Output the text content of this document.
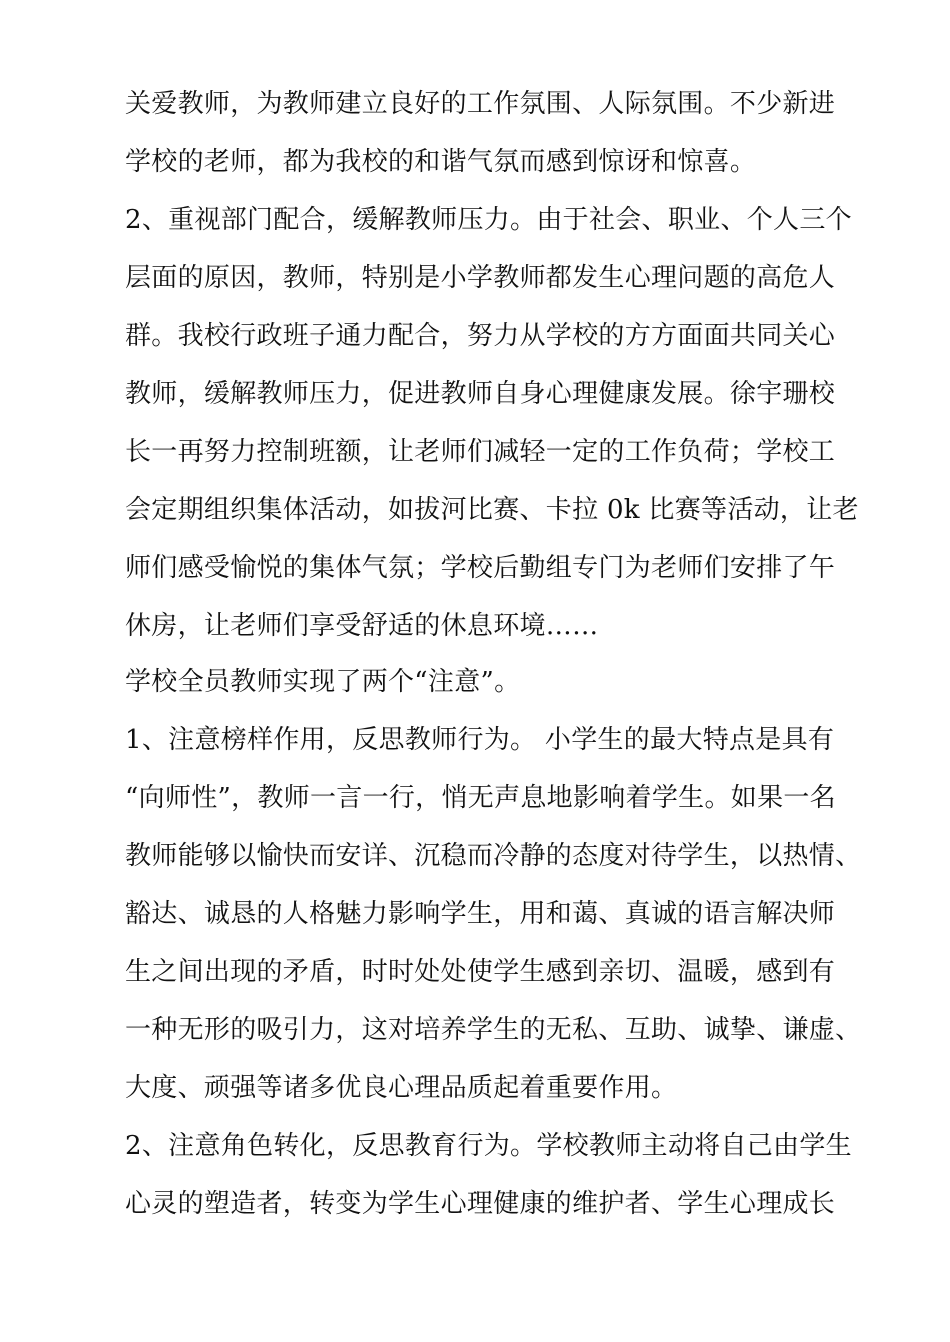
关爱教师，为教师建立良好的工作氛围、人际氛围。不少新进
学校的老师，都为我校的和谐气氛而感到惊讶和惊喜。
2、重视部门配合，缓解教师压力。由于社会、职业、个人三个
层面的原因，教师，特别是小学教师都发生心理问题的高危人
群。我校行政班子通力配合，努力从学校的方方面面共同关心
教师，缓解教师压力，促进教师自身心理健康发展。徐宇珊校
长一再努力控制班额，让老师们减轻一定的工作负荷；学校工
会定期组织集体活动，如拔河比赛、卡拉 0k 比赛等活动，让老
师们感受愉悦的集体气氛；学校后勤组专门为老师们安排了午
休房，让老师们享受舒适的休息环境……
学校全员教师实现了两个“注意”。
1、注意榜样作用，反思教师行为。 小学生的最大特点是具有
“向师性”，教师一言一行，悄无声息地影响着学生。如果一名
教师能够以愉快而安详、沉稳而冷静的态度对待学生，以热情、
豁达、诚恳的人格魅力影响学生，用和蔼、真诚的语言解决师
生之间出现的矛盾，时时处处使学生感到亲切、温暖，感到有
一种无形的吸引力，这对培养学生的无私、互助、诚挚、谦虚、
大度、顽强等诸多优良心理品质起着重要作用。
2、注意角色转化，反思教育行为。学校教师主动将自己由学生
心灵的塑造者，转变为学生心理健康的维护者、学生心理成长
